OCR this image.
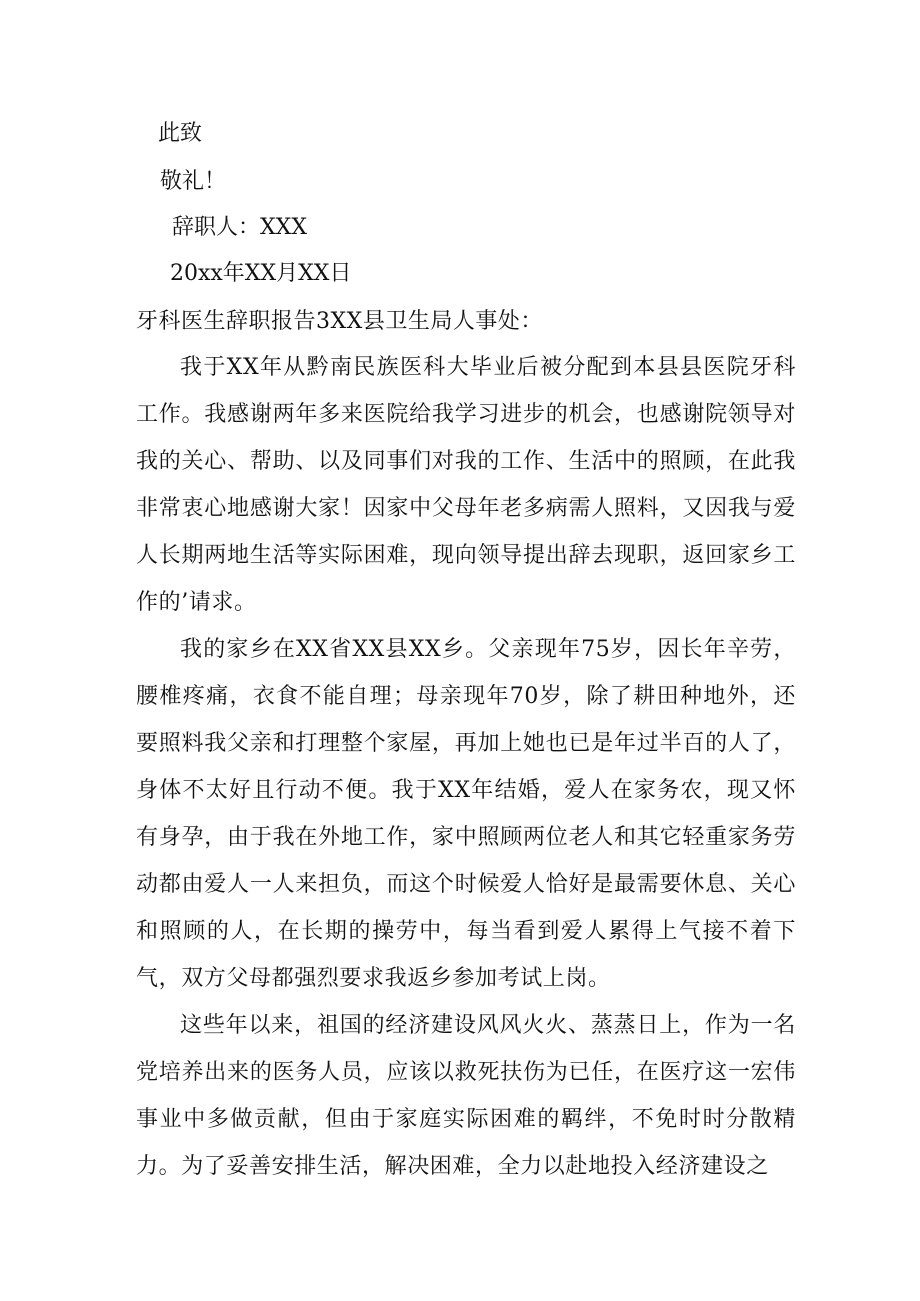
此致
敬礼！
辞职人：XXX
20xx年XX月XX日
牙科医生辞职报告3XX县卫生局人事处：

我于XX年从黔南民族医科大毕业后被分配到本县县医院牙科工作。我感谢两年多来医院给我学习进步的机会，也感谢院领导对我的关心、帮助、以及同事们对我的工作、生活中的照顾，在此我非常衷心地感谢大家！因家中父母年老多病需人照料，又因我与爱人长期两地生活等实际困难，现向领导提出辞去现职，返回家乡工作的’请求。

我的家乡在XX省XX县XX乡。父亲现年75岁，因长年辛劳，腰椎疼痛，衣食不能自理；母亲现年70岁，除了耕田种地外，还要照料我父亲和打理整个家屋，再加上她也已是年过半百的人了，身体不太好且行动不便。我于XX年结婚，爱人在家务农，现又怀有身孕，由于我在外地工作，家中照顾两位老人和其它轻重家务劳动都由爱人一人来担负，而这个时候爱人恰好是最需要休息、关心和照顾的人，在长期的操劳中，每当看到爱人累得上气接不着下气，双方父母都强烈要求我返乡参加考试上岗。

这些年以来，祖国的经济建设风风火火、蒸蒸日上，作为一名党培养出来的医务人员，应该以救死扶伤为已任，在医疗这一宏伟事业中多做贡献，但由于家庭实际困难的羁绊，不免时时分散精力。为了妥善安排生活，解决困难，全力以赴地投入经济建设之
